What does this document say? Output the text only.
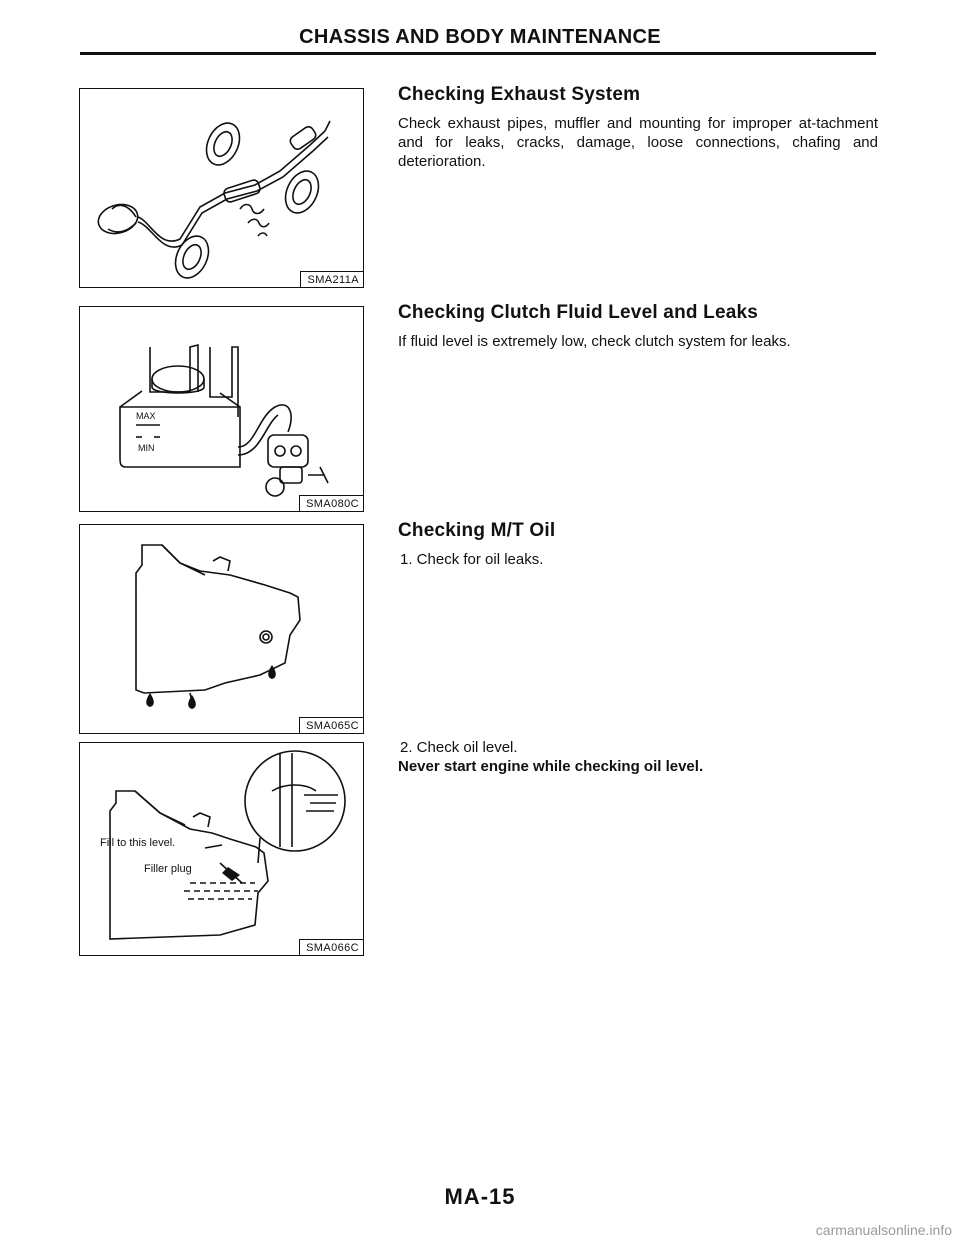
CHASSIS AND BODY MAINTENANCE
SMA211A
MAX
MIN
SMA080C
SMA065C
Fill to this level.
Filler plug
SMA066C
Checking Exhaust System

Check exhaust pipes, muffler and mounting for improper at-tachment and for leaks, cracks, damage, loose connections, chafing and deterioration.

Checking Clutch Fluid Level and Leaks

If fluid level is extremely low, check clutch system for leaks.

Checking M/T Oil

1. Check for oil leaks.

2. Check oil level.

Never start engine while checking oil level.

MA-15
carmanualsonline.info
